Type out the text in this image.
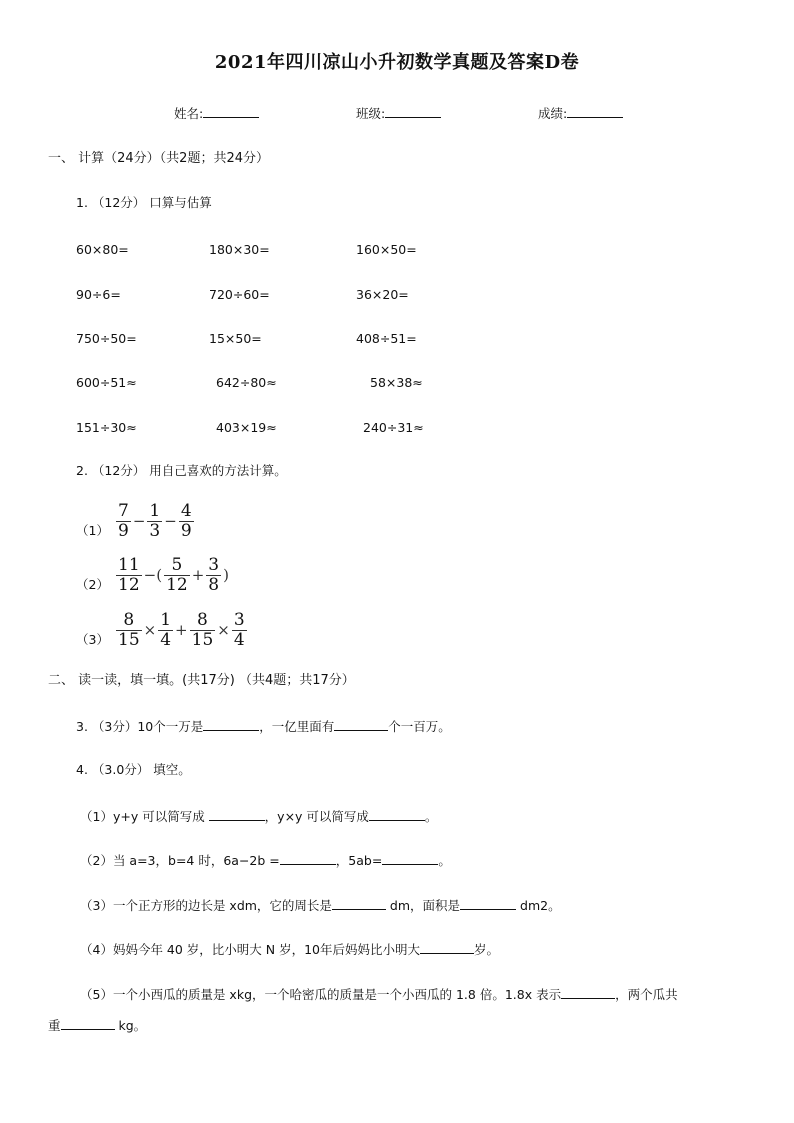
2021年四川凉山小升初数学真题及答案D卷
姓名:	班级:	成绩:
一、 计算（24分）（共2题；共24分）
1. （12分） 口算与估算
60×80=	180×30=	160×50=
90÷6=	720÷60=	36×20=
750÷50=	15×50=	408÷51=
600÷51≈	642÷80≈	58×38≈
151÷30≈	403×19≈	240÷31≈
2. （12分） 用自己喜欢的方法计算。
$(1) \frac{7}{9} - \frac{1}{3} - \frac{4}{9}$
$(2) \frac{11}{12}$ −( $\frac{5}{12} + \frac{3}{8}$ )
$(3) \frac{8}{15} \times \frac{1}{4} + \frac{8}{15} \times \frac{3}{4}$
二、 读一读，填一填。(共17分) （共4题；共17分）
3. （3分）10个一万是	，一亿里面有	个一百万。
4. （3.0分） 填空。
（1）y+y 可以简写成	，y×y 可以简写成	。
（2）当 a=3，b=4 时，6a−2b =	，5ab=	。
（3）一个正方形的边长是 xdm，它的周长是	dm，面积是	dm2。
（4）妈妈今年 40 岁，比小明大 N 岁，10年后妈妈比小明大	岁。
（5）一个小西瓜的质量是 xkg，一个哈密瓜的质量是一个小西瓜的 1.8 倍。1.8x 表示	，两个瓜共
重	kg。
